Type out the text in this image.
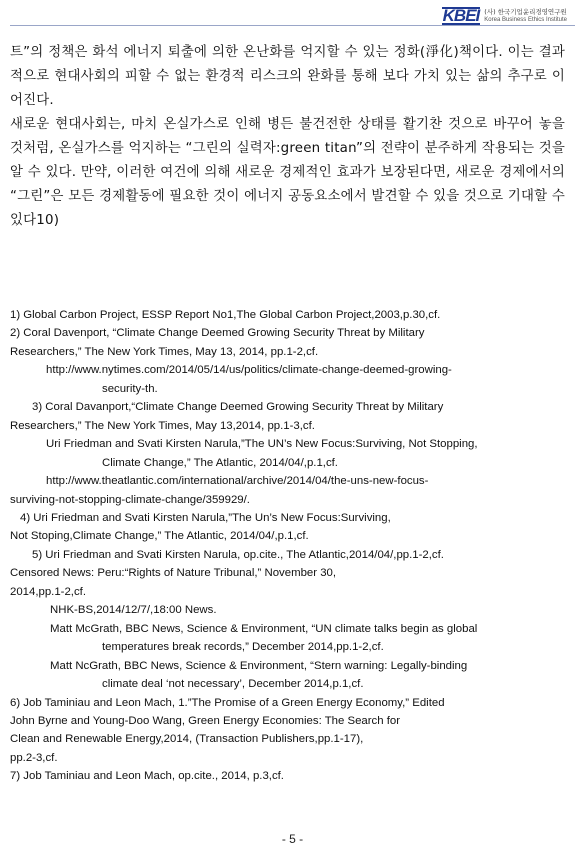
KBEI (사) 한국기업윤리경영연구원
Korea Business Ethics Institute

트”의 정책은 화석 에너지 퇴출에 의한 온난화를 억지할 수 있는 정화(淨化)책이다. 이는 결과적으로 현대사회의 피할 수 없는 환경적 리스크의 완화를 통해 보다 가치 있는 삶의 추구로 이어진다.

새로운 현대사회는, 마치 온실가스로 인해 병든 불건전한 상태를 활기찬 것으로 바꾸어 놓을 것처럼, 온실가스를 억지하는 “그린의 실력자:green titan”의 전략이 분주하게 작용되는 것을 알 수 있다. 만약, 이러한 여건에 의해 새로운 경제적인 효과가 보장된다면, 새로운 경제에서의 “그린”은 모든 경제활동에 필요한 것이 에너지 공동요소에서 발견할 수 있을 것으로 기대할 수 있다10)

1) Global Carbon Project, ESSP Report No1,The Global Carbon Project,2003,p.30,cf.
2) Coral Davenport, “Climate Change Deemed Growing Security Threat by Military
Researchers,” The New York Times, May 13, 2014, pp.1-2,cf.
http://www.nytimes.com/2014/05/14/us/politics/climate-change-deemed-growing-
security-th.
3) Coral Davanport,“Climate Change Deemed Growing Security Threat by Military
Researchers,” The New York Times, May 13,2014, pp.1-3,cf.
Uri Friedman and Svati Kirsten Narula,”The UN’s New Focus:Surviving, Not Stopping,
Climate Change,” The Atlantic, 2014/04/,p.1,cf.
http://www.theatlantic.com/international/archive/2014/04/the-uns-new-focus-
surviving-not-stopping-climate-change/359929/.
4) Uri Friedman and Svati Kirsten Narula,”The Un’s New Focus:Surviving,
Not Stoping,Climate Change,” The Atlantic, 2014/04/,p.1,cf.
5) Uri Friedman and Svati Kirsten Narula, op.cite., The Atlantic,2014/04/,pp.1-2,cf.
Censored News: Peru:“Rights of Nature Tribunal,” November 30,
2014,pp.1-2,cf.
NHK-BS,2014/12/7/,18:00 News.
Matt McGrath, BBC News, Science & Environment, “UN climate talks begin as global
temperatures break records,” December 2014,pp.1-2,cf.
Matt NcGrath, BBC News, Science & Environment, “Stern warning: Legally-binding
climate deal ‘not necessary’, December 2014,p.1,cf.
6) Job Taminiau and Leon Mach, 1.”The Promise of a Green Energy Economy,” Edited
John Byrne and Young-Doo Wang, Green Energy Economies: The Search for
Clean and Renewable Energy,2014, (Transaction Publishers,pp.1-17),
pp.2-3,cf.
7) Job Taminiau and Leon Mach, op.cite., 2014, p.3,cf.
- 5 -
